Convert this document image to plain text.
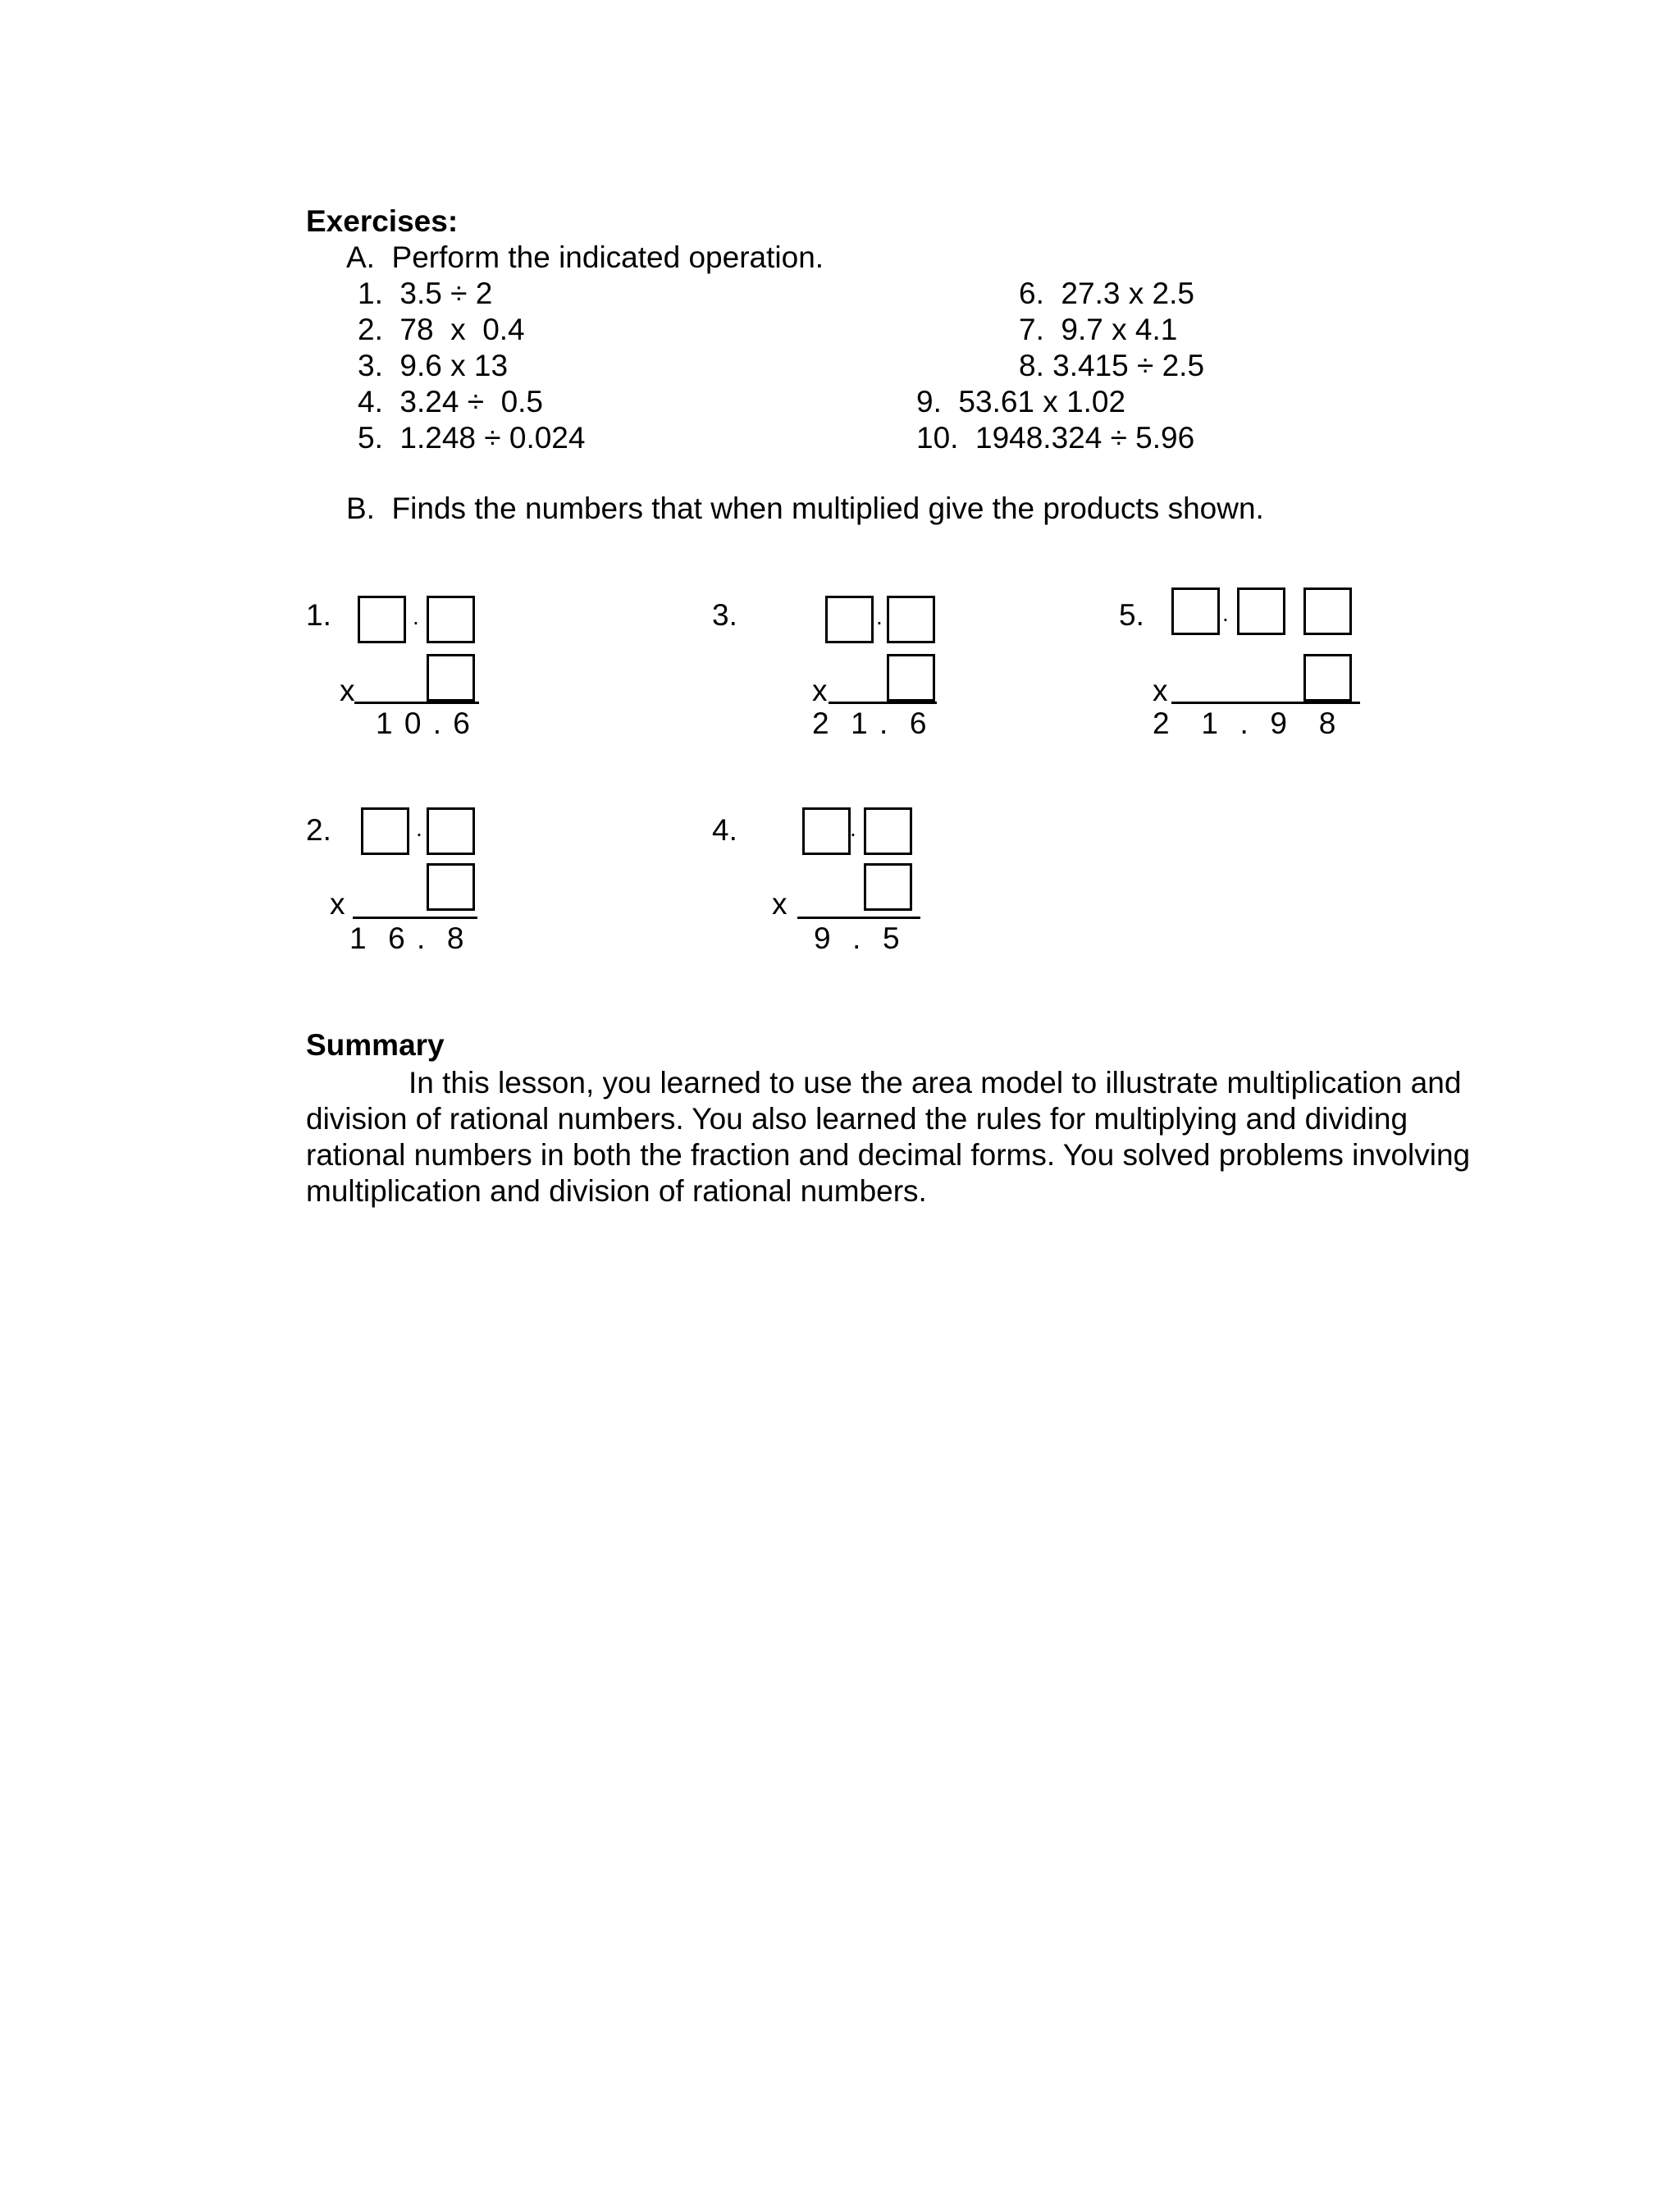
Exercises:
A.  Perform the indicated operation.
1.  3.5 ÷ 2
2.  78  x  0.4
3.  9.6 x 13
4.  3.24 ÷  0.5
5.  1.248 ÷ 0.024
6.  27.3 x 2.5
7.  9.7 x 4.1
8. 3.415 ÷ 2.5
9.  53.61 x 1.02
10.  1948.324 ÷ 5.96
B.  Finds the numbers that when multiplied give the products shown.
1.	.
x
1 0 . 6
2.	.
x
1  6 .  8
3.	.
x
2  1 .  6
4.	.
x
9  .  5
5.	.
x
2   1  .  9   8
Summary

In this lesson, you learned to use the area model to illustrate multiplication and division of rational numbers. You also learned the rules for multiplying and dividing rational numbers in both the fraction and decimal forms. You solved problems involving multiplication and division of rational numbers.
